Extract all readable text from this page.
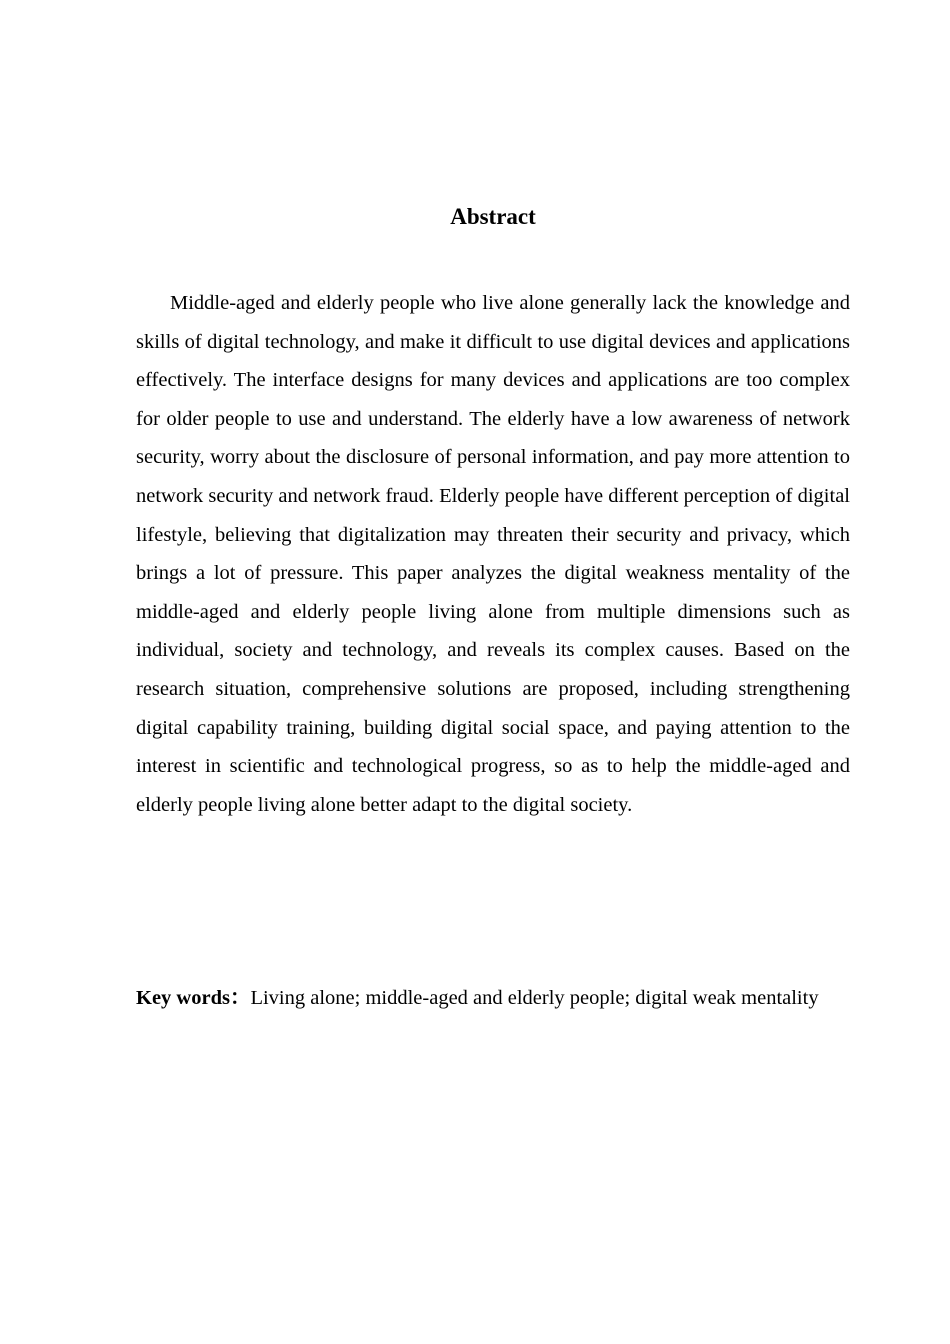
Abstract

Middle-aged and elderly people who live alone generally lack the knowledge and skills of digital technology, and make it difficult to use digital devices and applications effectively. The interface designs for many devices and applications are too complex for older people to use and understand. The elderly have a low awareness of network security, worry about the disclosure of personal information, and pay more attention to network security and network fraud. Elderly people have different perception of digital lifestyle, believing that digitalization may threaten their security and privacy, which brings a lot of pressure. This paper analyzes the digital weakness mentality of the middle-aged and elderly people living alone from multiple dimensions such as individual, society and technology, and reveals its complex causes. Based on the research situation, comprehensive solutions are proposed, including strengthening digital capability training, building digital social space, and paying attention to the interest in scientific and technological progress, so as to help the middle-aged and elderly people living alone better adapt to the digital society.

Key words：Living alone; middle-aged and elderly people; digital weak mentality
